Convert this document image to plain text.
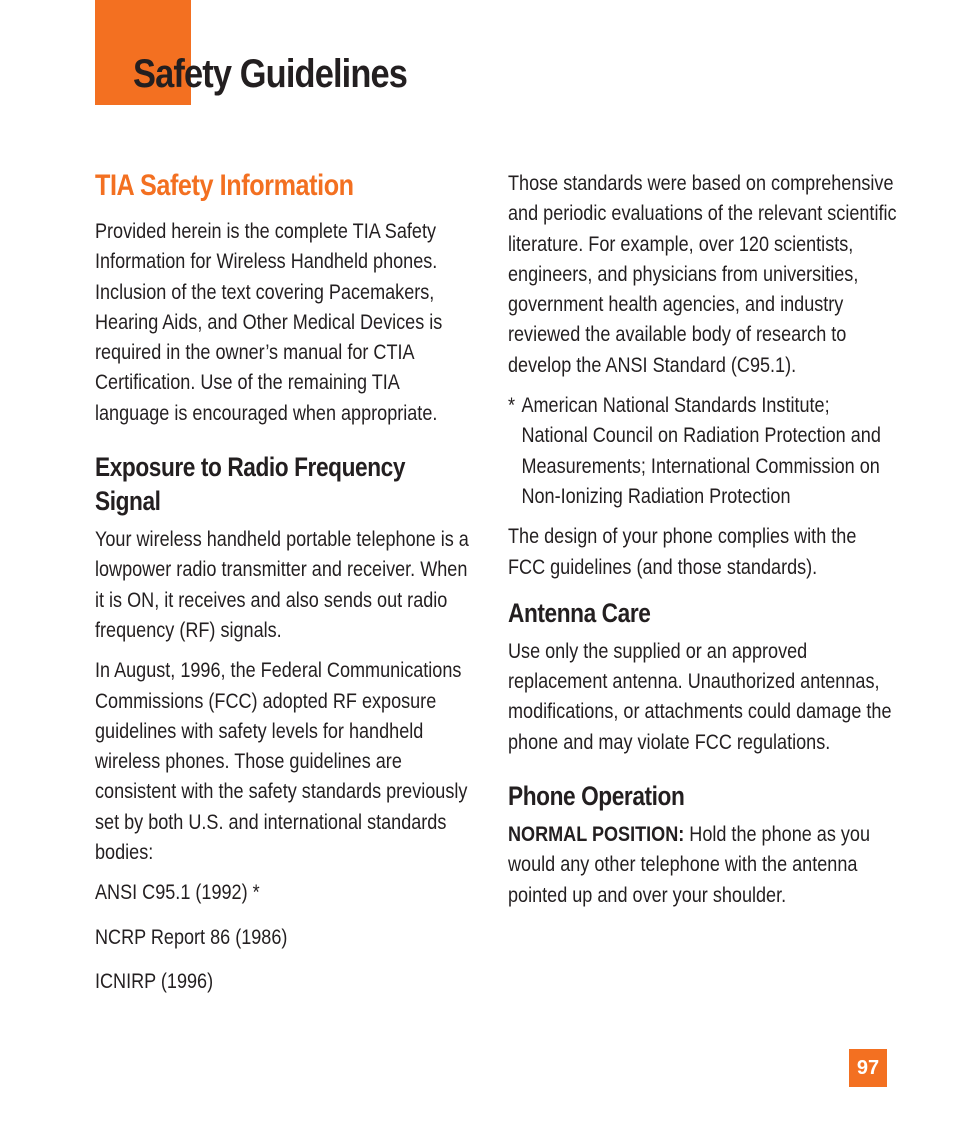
Safety Guidelines
TIA Safety Information

Provided herein is the complete TIA Safety Information for Wireless Handheld phones. Inclusion of the text covering Pacemakers, Hearing Aids, and Other Medical Devices is required in the owner’s manual for CTIA Certification. Use of the remaining TIA language is encouraged when appropriate.

Exposure to Radio Frequency Signal

Your wireless handheld portable telephone is a lowpower radio transmitter and receiver. When it is ON, it receives and also sends out radio frequency (RF) signals.

In August, 1996, the Federal Communications Commissions (FCC) adopted RF exposure guidelines with safety levels for handheld wireless phones. Those guidelines are consistent with the safety standards previously set by both U.S. and international standards bodies:

ANSI C95.1 (1992) *

NCRP Report 86 (1986)

ICNIRP (1996)

Those standards were based on comprehensive and periodic evaluations of the relevant scientific literature. For example, over 120 scientists, engineers, and physicians from universities, government health agencies, and industry reviewed the available body of research to develop the ANSI Standard (C95.1).

* American National Standards Institute; National Council on Radiation Protection and Measurements; International Commission on Non-Ionizing Radiation Protection

The design of your phone complies with the FCC guidelines (and those standards).

Antenna Care

Use only the supplied or an approved replacement antenna. Unauthorized antennas, modifications, or attachments could damage the phone and may violate FCC regulations.

Phone Operation

NORMAL POSITION: Hold the phone as you would any other telephone with the antenna pointed up and over your shoulder.

97
